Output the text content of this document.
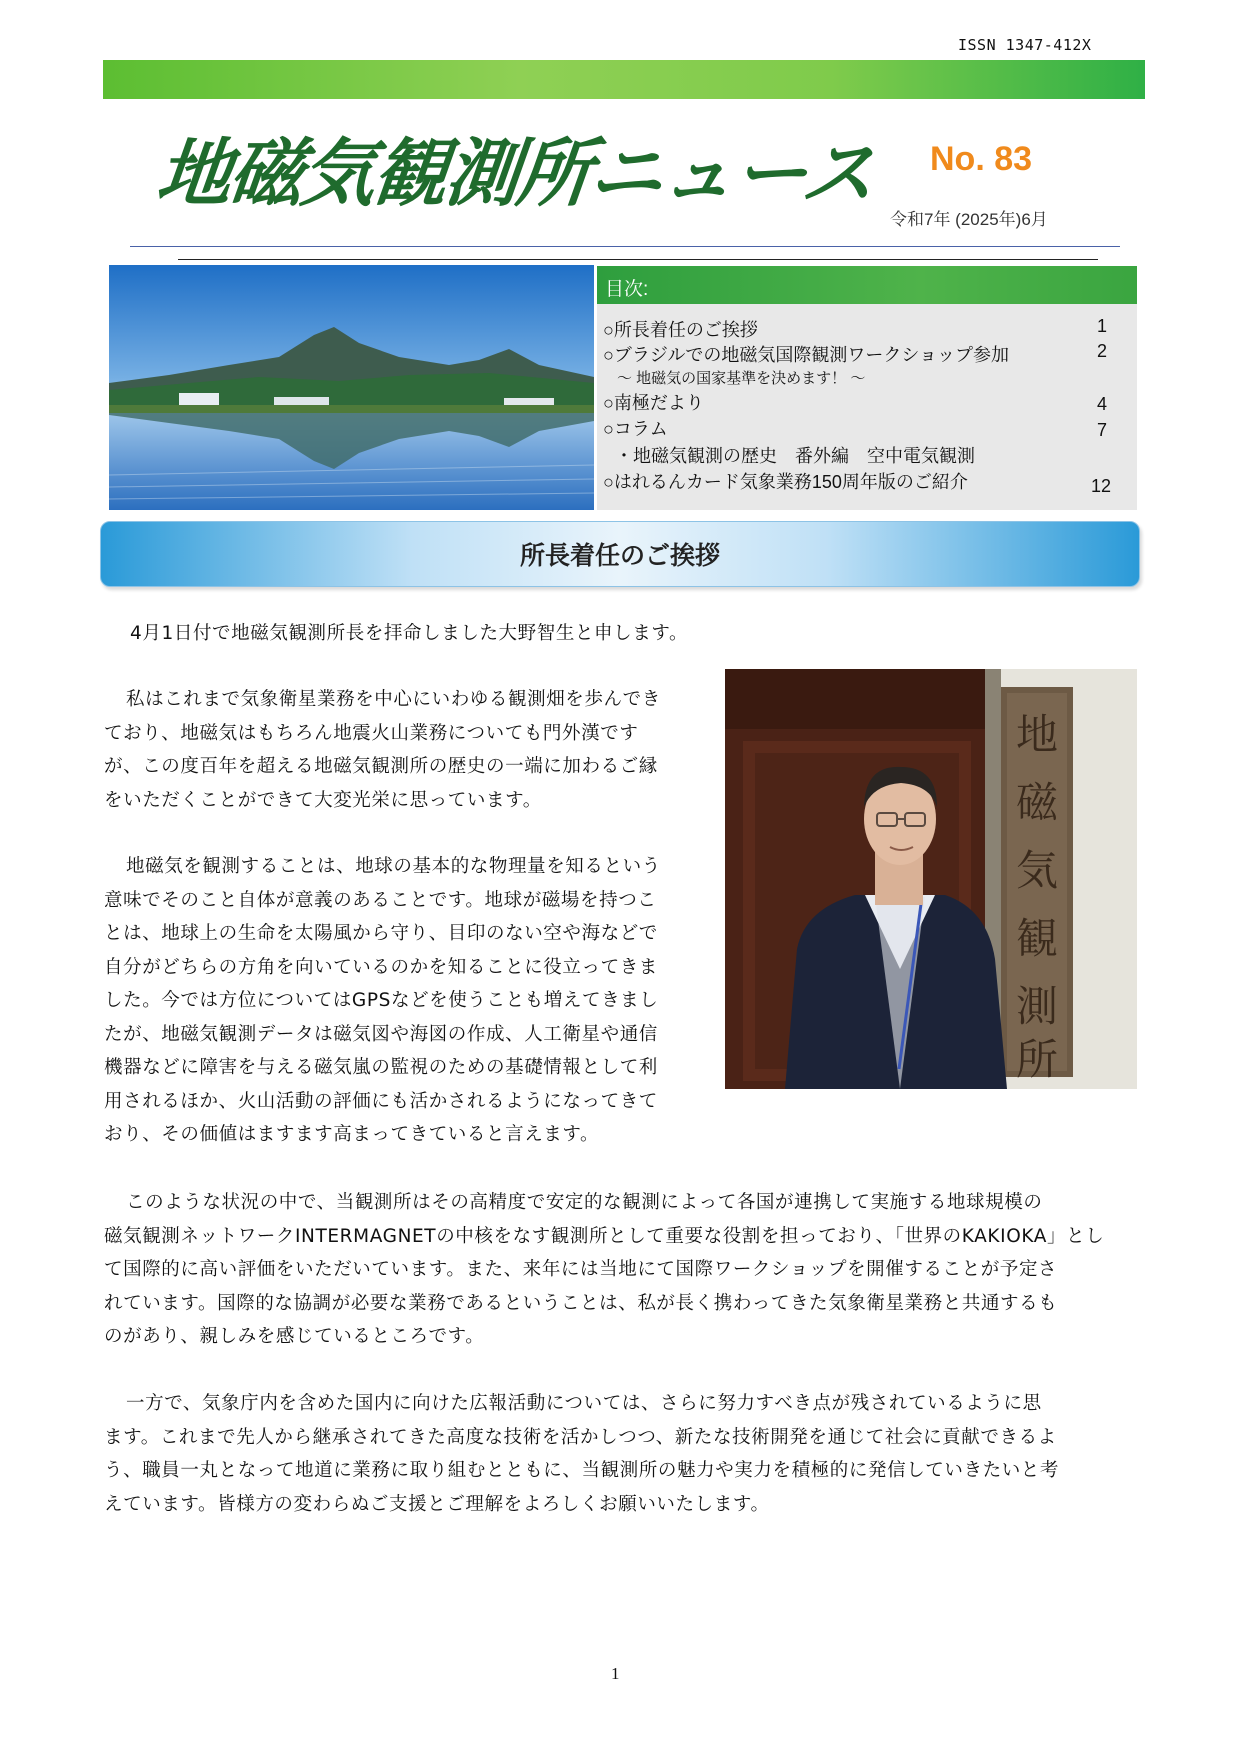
ISSN 1347-412X
地磁気観測所ニュース No. 83
令和7年 (2025年)6月
目次:
○所長着任のご挨拶	1
○ブラジルでの地磁気国際観測ワークショップ参加	2
～ 地磁気の国家基準を決めます！ ～
○南極だより	4
○コラム	7
・地磁気観測の歴史　番外編　空中電気観測
○はれるんカード気象業務150周年版のご紹介	12
所長着任のご挨拶
4月1日付で地磁気観測所長を拝命しました大野智生と申します。
私はこれまで気象衛星業務を中心にいわゆる観測畑を歩んでき
ており、地磁気はもちろん地震火山業務についても門外漢です
が、この度百年を超える地磁気観測所の歴史の一端に加わるご縁
をいただくことができて大変光栄に思っています。
地磁気を観測することは、地球の基本的な物理量を知るという
意味でそのこと自体が意義のあることです。地球が磁場を持つこ
とは、地球上の生命を太陽風から守り、目印のない空や海などで
自分がどちらの方角を向いているのかを知ることに役立ってきま
した。今では方位についてはGPSなどを使うことも増えてきまし
たが、地磁気観測データは磁気図や海図の作成、人工衛星や通信
機器などに障害を与える磁気嵐の監視のための基礎情報として利
用されるほか、火山活動の評価にも活かされるようになってきて
おり、その価値はますます高まってきていると言えます。
地
磁
気
観
測
所
このような状況の中で、当観測所はその高精度で安定的な観測によって各国が連携して実施する地球規模の
磁気観測ネットワークINTERMAGNETの中核をなす観測所として重要な役割を担っており、「世界のKAKIOKA」とし
て国際的に高い評価をいただいています。また、来年には当地にて国際ワークショップを開催することが予定さ
れています。国際的な協調が必要な業務であるということは、私が長く携わってきた気象衛星業務と共通するも
のがあり、親しみを感じているところです。
一方で、気象庁内を含めた国内に向けた広報活動については、さらに努力すべき点が残されているように思
ます。これまで先人から継承されてきた高度な技術を活かしつつ、新たな技術開発を通じて社会に貢献できるよ
う、職員一丸となって地道に業務に取り組むとともに、当観測所の魅力や実力を積極的に発信していきたいと考
えています。皆様方の変わらぬご支援とご理解をよろしくお願いいたします。
1
